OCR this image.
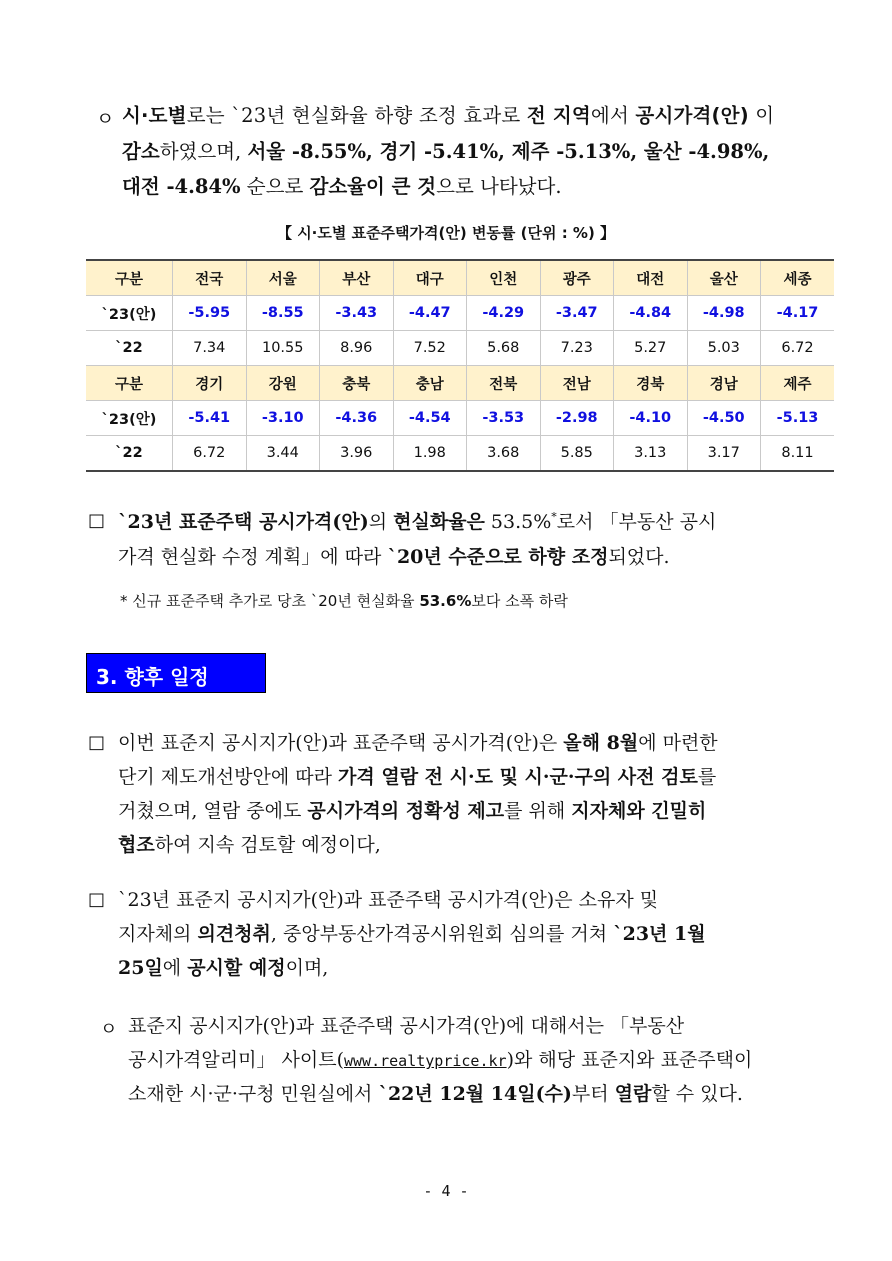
ㅇ 시·도별로는 `23년 현실화율 하향 조정 효과로 전 지역에서 공시가격(안) 이
감소하였으며, 서울 -8.55%, 경기 -5.41%, 제주 -5.13%, 울산 -4.98%,
대전 -4.84% 순으로 감소율이 큰 것으로 나타났다.
【 시·도별 표준주택가격(안) 변동률 (단위 : %) 】
구분	전국	서울	부산	대구	인천	광주	대전	울산	세종
`23(안)	-5.95	-8.55	-3.43	-4.47	-4.29	-3.47	-4.84	-4.98	-4.17
`22	7.34	10.55	8.96	7.52	5.68	7.23	5.27	5.03	6.72
구분	경기	강원	충북	충남	전북	전남	경북	경남	제주
`23(안)	-5.41	-3.10	-4.36	-4.54	-3.53	-2.98	-4.10	-4.50	-5.13
`22	6.72	3.44	3.96	1.98	3.68	5.85	3.13	3.17	8.11
□ `23년 표준주택 공시가격(안)의 현실화율은 53.5%*로서 「부동산 공시
가격 현실화 수정 계획」에 따라 `20년 수준으로 하향 조정되었다.
* 신규 표준주택 추가로 당초 `20년 현실화율 53.6%보다 소폭 하락
3. 향후 일정
□ 이번 표준지 공시지가(안)과 표준주택 공시가격(안)은 올해 8월에 마련한
단기 제도개선방안에 따라 가격 열람 전 시·도 및 시·군·구의 사전 검토를
거쳤으며, 열람 중에도 공시가격의 정확성 제고를 위해 지자체와 긴밀히
협조하여 지속 검토할 예정이다,
□ `23년 표준지 공시지가(안)과 표준주택 공시가격(안)은 소유자 및
지자체의 의견청취, 중앙부동산가격공시위원회 심의를 거쳐 `23년 1월
25일에 공시할 예정이며,
ㅇ 표준지 공시지가(안)과 표준주택 공시가격(안)에 대해서는 「부동산
공시가격알리미」 사이트(www.realtyprice.kr)와 해당 표준지와 표준주택이
소재한 시·군·구청 민원실에서 `22년 12월 14일(수)부터 열람할 수 있다.
- 4 -
